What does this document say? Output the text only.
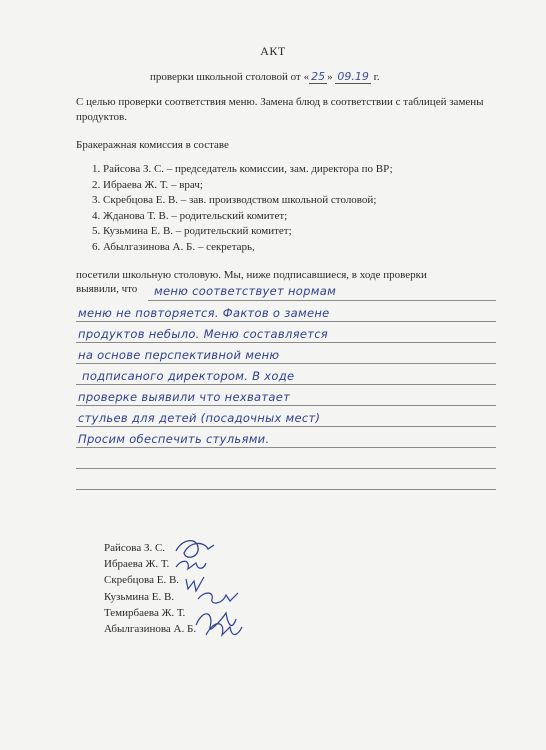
АКТ
проверки школьной столовой от « 25 » 09.19 г.
С целью проверки соответствия меню. Замена блюд в соответствии с таблицей замены продуктов.
Бракеражная комиссия в составе
1. Райсова З. С. – председатель комиссии, зам. директора по ВР;
2. Ибраева Ж. Т. – врач;
3. Скребцова Е. В. – зав. производством школьной столовой;
4. Жданова Т. В. – родительский комитет;
5. Кузьмина Е. В. – родительский комитет;
6. Абылгазинова А. Б. – секретарь,
посетили школьную столовую. Мы, ниже подписавшиеся, в ходе проверки
выявили, что меню соответствует нормам
меню не повторяется. Фактов о замене
продуктов небыло. Меню составляется
на основе перспективной меню
подписаного директором. В ходе
проверке выявили что нехватает
стульев для детей (посадочных мест)
Просим обеспечить стульями.
Райсова З. С.
Ибраева Ж. Т.
Скребцова Е. В.
Кузьмина Е. В.
Темирбаева Ж. Т.
Абылгазинова А. Б.
